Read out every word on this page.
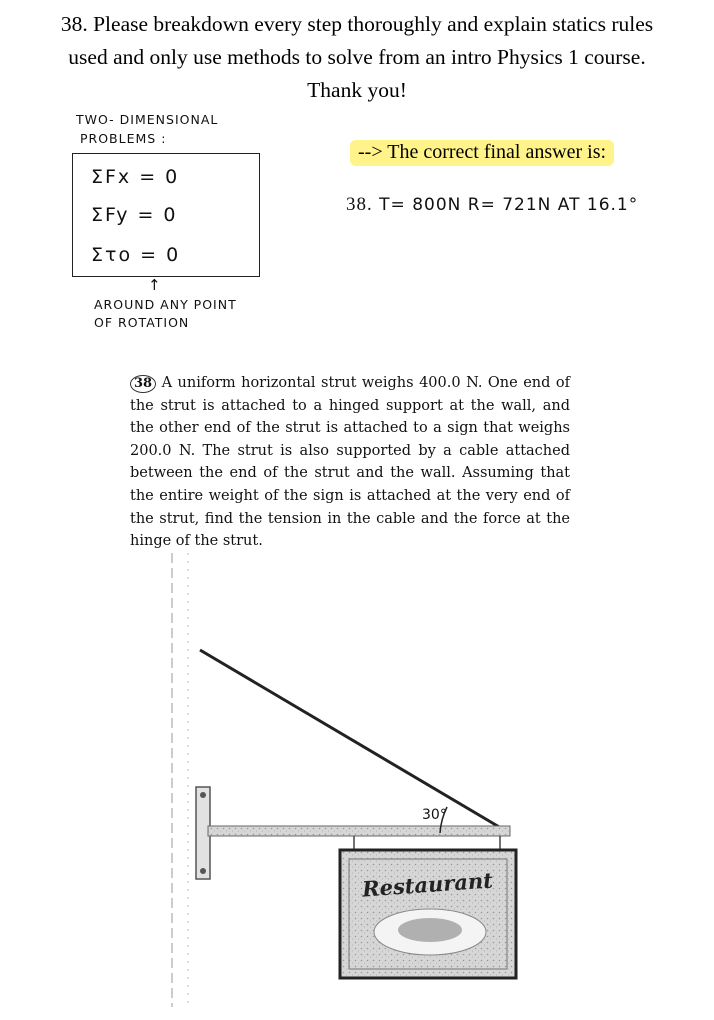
38. Please breakdown every step thoroughly and explain statics rules
used and only use methods to solve from an intro Physics 1 course.
Thank you!
TWO- DIMENSIONAL
PROBLEMS :
ΣFx = 0
ΣFy = 0
Στo = 0
↑
AROUND ANY POINT
OF ROTATION
--> The correct final answer is:
38. T= 800N R= 721N AT 16.1°
38 A uniform horizontal strut weighs 400.0 N. One end of the strut is attached to a hinged support at the wall, and the other end of the strut is attached to a sign that weighs 200.0 N. The strut is also supported by a cable attached between the end of the strut and the wall. Assuming that the entire weight of the sign is attached at the very end of the strut, find the tension in the cable and the force at the hinge of the strut.
30°
Restaurant
